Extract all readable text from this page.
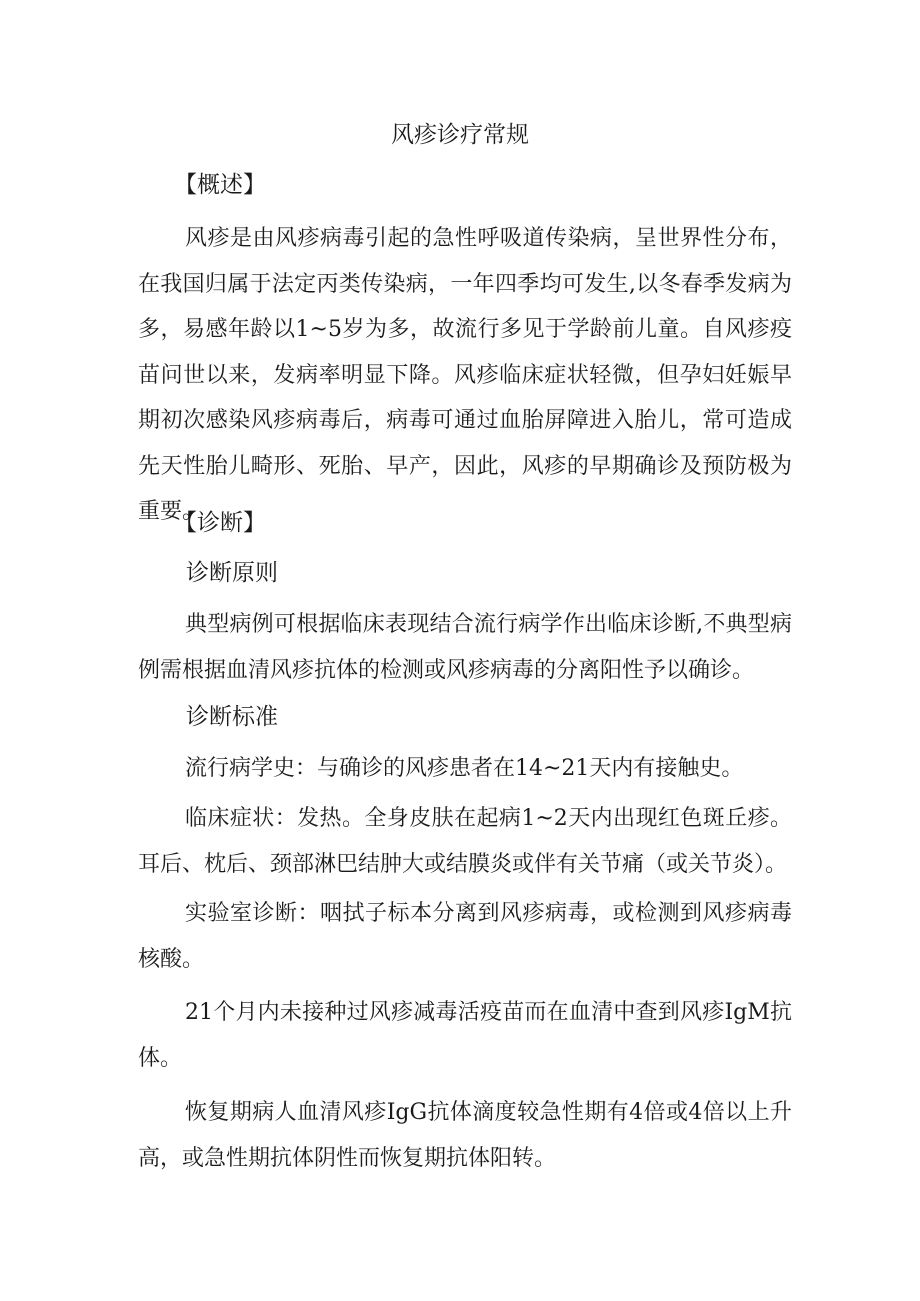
风疹诊疗常规
【概述】
风疹是由风疹病毒引起的急性呼吸道传染病，呈世界性分布，在我国归属于法定丙类传染病，一年四季均可发生,以冬春季发病为多，易感年龄以1~5岁为多，故流行多见于学龄前儿童。自风疹疫苗问世以来，发病率明显下降。风疹临床症状轻微，但孕妇妊娠早期初次感染风疹病毒后，病毒可通过血胎屏障进入胎儿，常可造成先天性胎儿畸形、死胎、早产，因此，风疹的早期确诊及预防极为重要。
【诊断】
诊断原则
典型病例可根据临床表现结合流行病学作出临床诊断,不典型病例需根据血清风疹抗体的检测或风疹病毒的分离阳性予以确诊。
诊断标准
流行病学史：与确诊的风疹患者在14~21天内有接触史。
临床症状：发热。全身皮肤在起病1~2天内出现红色斑丘疹。耳后、枕后、颈部淋巴结肿大或结膜炎或伴有关节痛（或关节炎）。
实验室诊断：咽拭子标本分离到风疹病毒，或检测到风疹病毒核酸。
21个月内未接种过风疹减毒活疫苗而在血清中查到风疹IgM抗体。
恢复期病人血清风疹IgG抗体滴度较急性期有4倍或4倍以上升高，或急性期抗体阴性而恢复期抗体阳转。
